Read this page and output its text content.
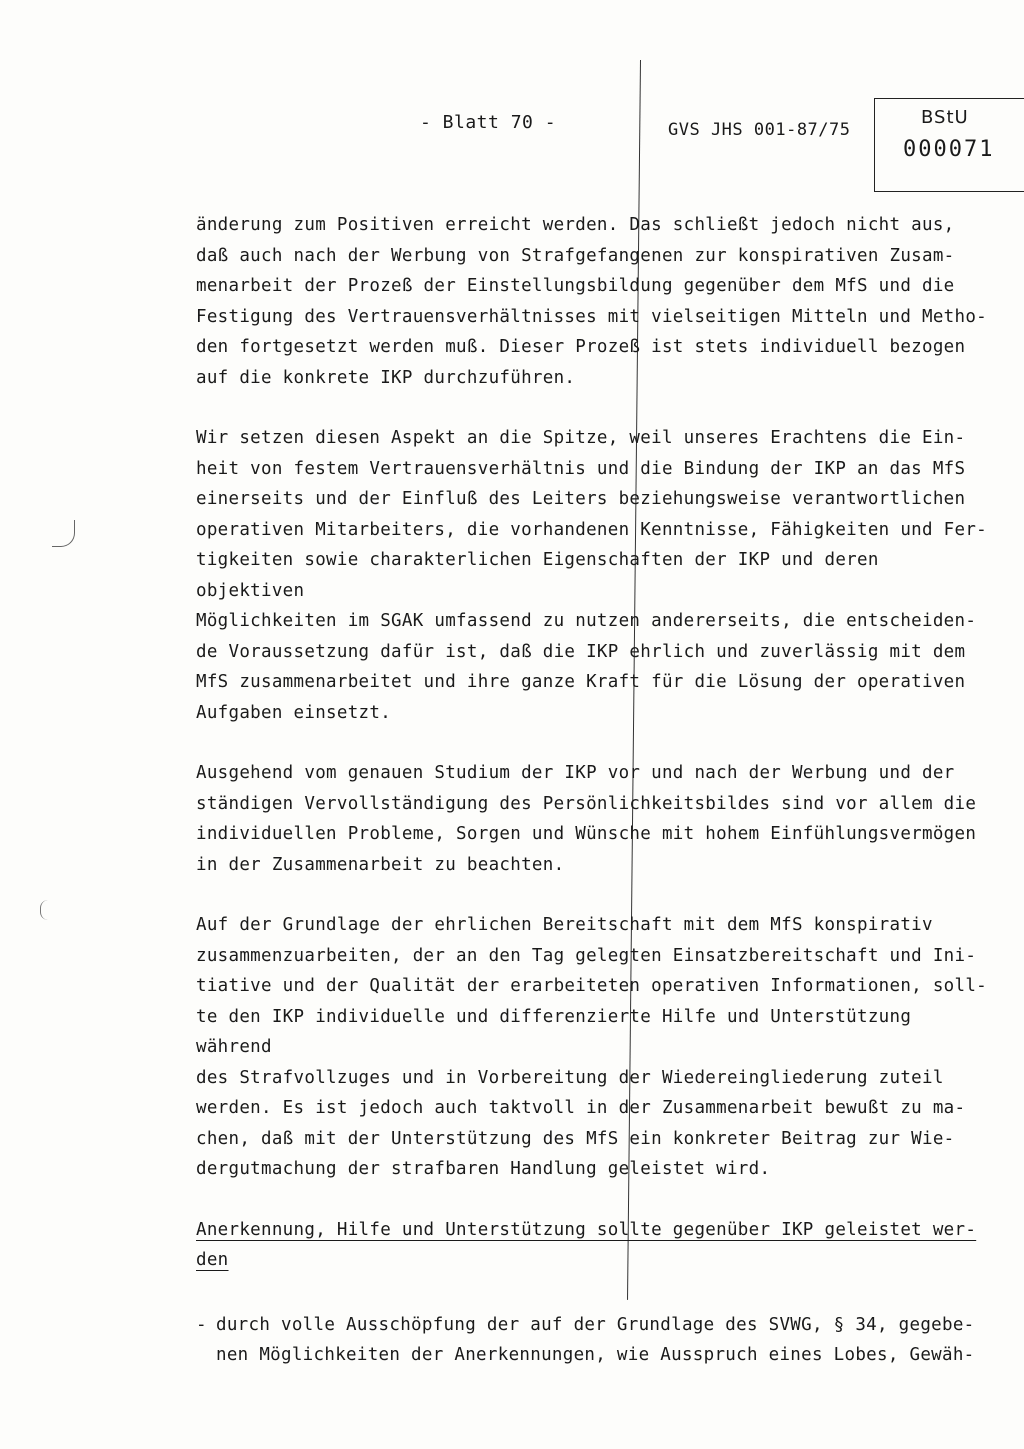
- Blatt 70 -	GVS JHS 001-87/75
BStU
000071

änderung zum Positiven erreicht werden. Das schließt jedoch nicht aus,
daß auch nach der Werbung von Strafgefangenen zur konspirativen Zusam-
menarbeit der Prozeß der Einstellungsbildung gegenüber dem MfS und die
Festigung des Vertrauensverhältnisses mit vielseitigen Mitteln und Metho-
den fortgesetzt werden muß. Dieser Prozeß ist stets individuell bezogen
auf die konkrete IKP durchzuführen.

Wir setzen diesen Aspekt an die Spitze, weil unseres Erachtens die Ein-
heit von festem Vertrauensverhältnis und die Bindung der IKP an das MfS
einerseits und der Einfluß des Leiters beziehungsweise verantwortlichen
operativen Mitarbeiters, die vorhandenen Kenntnisse, Fähigkeiten und Fer-
tigkeiten sowie charakterlichen Eigenschaften der IKP und deren objektiven
Möglichkeiten im SGAK umfassend zu nutzen andererseits, die entscheiden-
de Voraussetzung dafür ist, daß die IKP ehrlich und zuverlässig mit dem
MfS zusammenarbeitet und ihre ganze Kraft für die Lösung der operativen
Aufgaben einsetzt.

Ausgehend vom genauen Studium der IKP vor und nach der Werbung und der
ständigen Vervollständigung des Persönlichkeitsbildes sind vor allem die
individuellen Probleme, Sorgen und Wünsche mit hohem Einfühlungsvermögen
in der Zusammenarbeit zu beachten.

Auf der Grundlage der ehrlichen Bereitschaft mit dem MfS konspirativ
zusammenzuarbeiten, der an den Tag gelegten Einsatzbereitschaft und Ini-
tiative und der Qualität der erarbeiteten operativen Informationen, soll-
te den IKP individuelle und differenzierte Hilfe und Unterstützung während
des Strafvollzuges und in Vorbereitung der Wiedereingliederung zuteil
werden. Es ist jedoch auch taktvoll in der Zusammenarbeit bewußt zu ma-
chen, daß mit der Unterstützung des MfS ein konkreter Beitrag zur Wie-
dergutmachung der strafbaren Handlung geleistet wird.

Anerkennung, Hilfe und Unterstützung sollte gegenüber IKP geleistet wer-
den

- durch volle Ausschöpfung der auf der Grundlage des SVWG, § 34, gegebe-
nen Möglichkeiten der Anerkennungen, wie Ausspruch eines Lobes, Gewäh-
